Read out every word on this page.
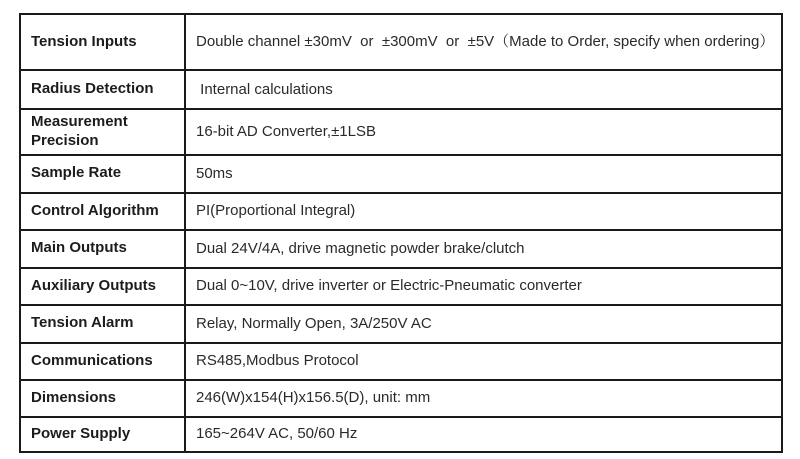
Tension Inputs	Double channel ±30mV  or  ±300mV  or  ±5V（Made to Order, specify when ordering）
Radius Detection	Internal calculations
Measurement Precision	16-bit AD Converter,±1LSB
Sample Rate	50ms
Control Algorithm	PI(Proportional Integral)
Main Outputs	Dual 24V/4A, drive magnetic powder brake/clutch
Auxiliary Outputs	Dual 0~10V, drive inverter or Electric-Pneumatic converter
Tension Alarm	Relay, Normally Open, 3A/250V AC
Communications	RS485,Modbus Protocol
Dimensions	246(W)x154(H)x156.5(D), unit: mm
Power Supply	165~264V AC, 50/60 Hz
